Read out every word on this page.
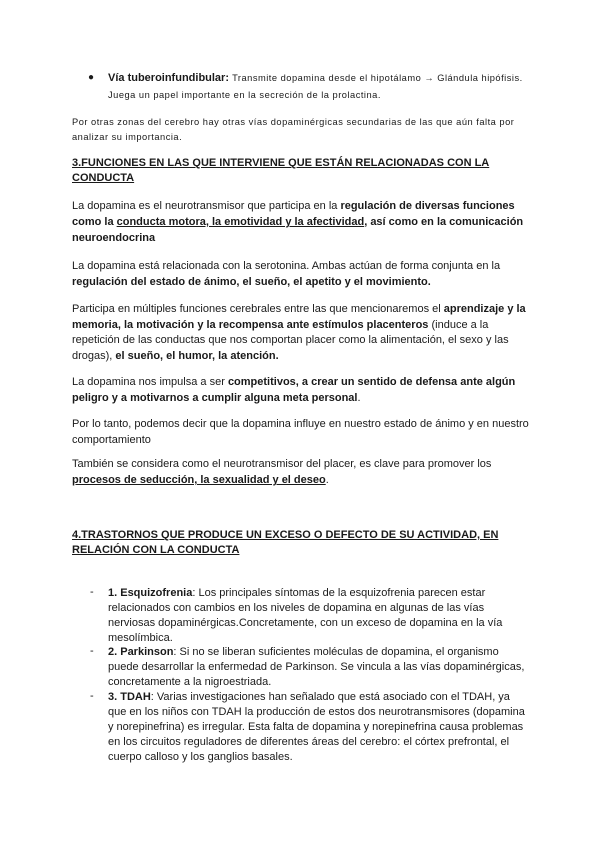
● Vía tuberoinfundibular: Transmite dopamina desde el hipotálamo → Glándula hipófisis. Juega un papel importante en la secreción de la prolactina.

Por otras zonas del cerebro hay otras vías dopaminérgicas secundarias de las que aún falta por analizar su importancia.

3.FUNCIONES EN LAS QUE INTERVIENE QUE ESTÁN RELACIONADAS CON LA CONDUCTA

La dopamina es el neurotransmisor que participa en la regulación de diversas funciones como la conducta motora, la emotividad y la afectividad, así como en la comunicación neuroendocrina

La dopamina está relacionada con la serotonina. Ambas actúan de forma conjunta en la regulación del estado de ánimo, el sueño, el apetito y el movimiento.

Participa en múltiples funciones cerebrales entre las que mencionaremos el aprendizaje y la memoria, la motivación y la recompensa ante estímulos placenteros (induce a la repetición de las conductas que nos comportan placer como la alimentación, el sexo y las drogas), el sueño, el humor, la atención.

La dopamina nos impulsa a ser competitivos, a crear un sentido de defensa ante algún peligro y a motivarnos a cumplir alguna meta personal.

Por lo tanto, podemos decir que la dopamina influye en nuestro estado de ánimo y en nuestro comportamiento

También se considera como el neurotransmisor del placer, es clave para promover los procesos de seducción, la sexualidad y el deseo.

4.TRASTORNOS QUE PRODUCE UN EXCESO O DEFECTO DE SU ACTIVIDAD, EN RELACIÓN CON LA CONDUCTA

- 1. Esquizofrenia: Los principales síntomas de la esquizofrenia parecen estar relacionados con cambios en los niveles de dopamina en algunas de las vías nerviosas dopaminérgicas.Concretamente, con un exceso de dopamina en la vía mesolímbica.

- 2. Parkinson: Si no se liberan suficientes moléculas de dopamina, el organismo puede desarrollar la enfermedad de Parkinson. Se vincula a las vías dopaminérgicas, concretamente a la nigroestriada.

- 3. TDAH: Varias investigaciones han señalado que está asociado con el TDAH, ya que en los niños con TDAH la producción de estos dos neurotransmisores (dopamina y norepinefrina) es irregular. Esta falta de dopamina y norepinefrina causa problemas en los circuitos reguladores de diferentes áreas del cerebro: el córtex prefrontal, el cuerpo calloso y los ganglios basales.
